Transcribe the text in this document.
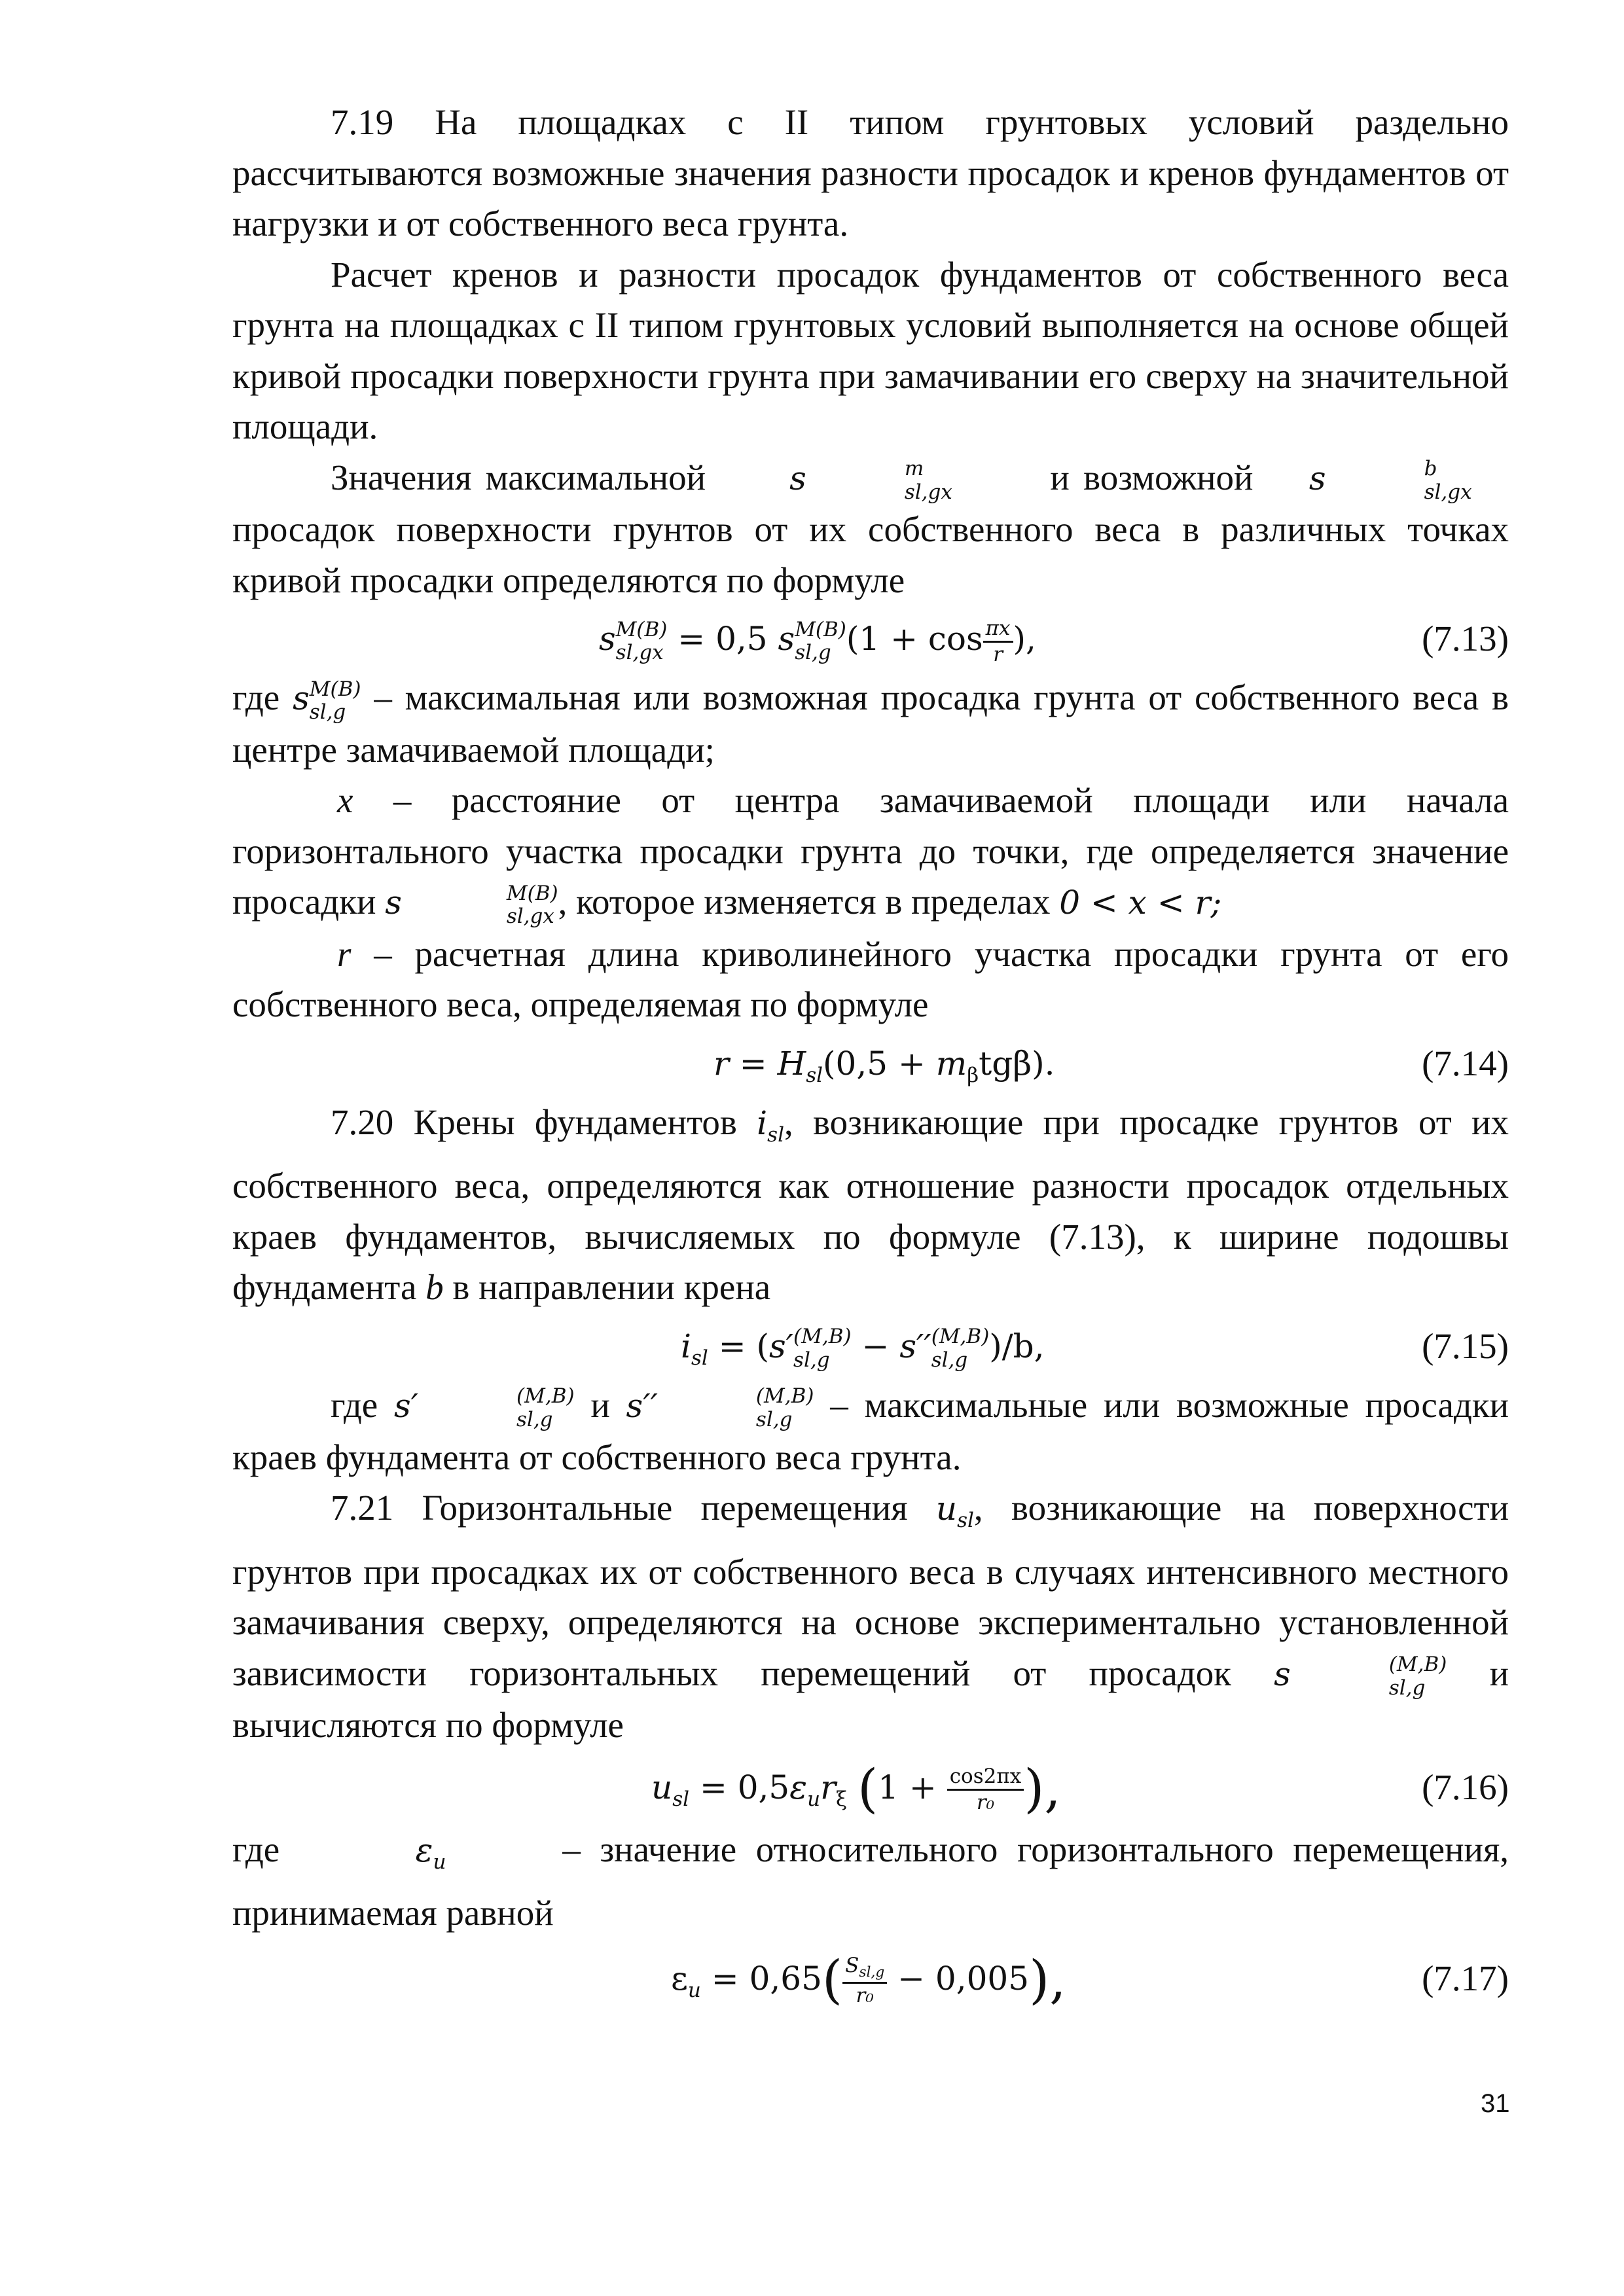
7.19 На площадках с II типом грунтовых условий раздельно рассчитываются возможные значения разности просадок и кренов фундаментов от нагрузки и от собственного веса грунта.

Расчет кренов и разности просадок фундаментов от собственного веса грунта на площадках с II типом грунтовых условий выполняется на основе общей кривой просадки поверхности грунта при замачивании его сверху на значительной площади.

Значения максимальной	s	m
sl,gx	и возможной s	b
sl,gx
просадок поверхности грунтов от их собственного веса в различных точках кривой просадки определяются по формуле

s M(B)
sl,gx = 0,5 s M(B)
sl,g ($1 + \cos \frac{\pi x}{r}$ ),	(7.13)

где s M(B)
sl,g – максимальная или возможная просадка грунта от собственного веса в центре замачиваемой площади;

x – расстояние от центра замачиваемой площади или начала горизонтального участка просадки грунта до точки, где определяется значение просадки s	M(B)
sl,gx , которое изменяется в пределах 0 < x < r;

r – расчетная длина криволинейного участка просадки грунта от его собственного веса, определяемая по формуле

$r = H_{sl}(0,5 + m_\beta tg\beta)$.	(7.14)

7.20 Крены фундаментов $i_{sl}$, возникающие при просадке грунтов от их собственного веса, определяются как отношение разности просадок отдельных краев фундаментов, вычисляемых по формуле (7.13), к ширине подошвы фундамента b в направлении крена

$i_{sl} = (s'$ (M,B)
sl,g − s′′ (M,B)
sl,g )/b,	(7.15)

где s′	(M,B)
sl,g	и s′′	(M,B)
sl,g	– максимальные или возможные просадки краев фундамента от собственного веса грунта.

7.21 Горизонтальные перемещения $u_{sl}$, возникающие на поверхности грунтов при просадках их от собственного веса в случаях интенсивного местного замачивания сверху, определяются на основе экспериментально установленной зависимости горизонтальных перемещений от просадок s	(M,B)
sl,g	и вычисляются по формуле

$u_{sl} = 0,5\varepsilon_ur_\xi$ ($1 + \frac{\cos 2\pi x}{\text{r₀}}$ ),	(7.16)

где	$\varepsilon_u$	– значение относительного горизонтального перемещения, принимаемая равной

$\varepsilon_u = 0,65( \frac{S_{sl,g}}{\text{r₀}} - 0,005)$,	(7.17)
31
